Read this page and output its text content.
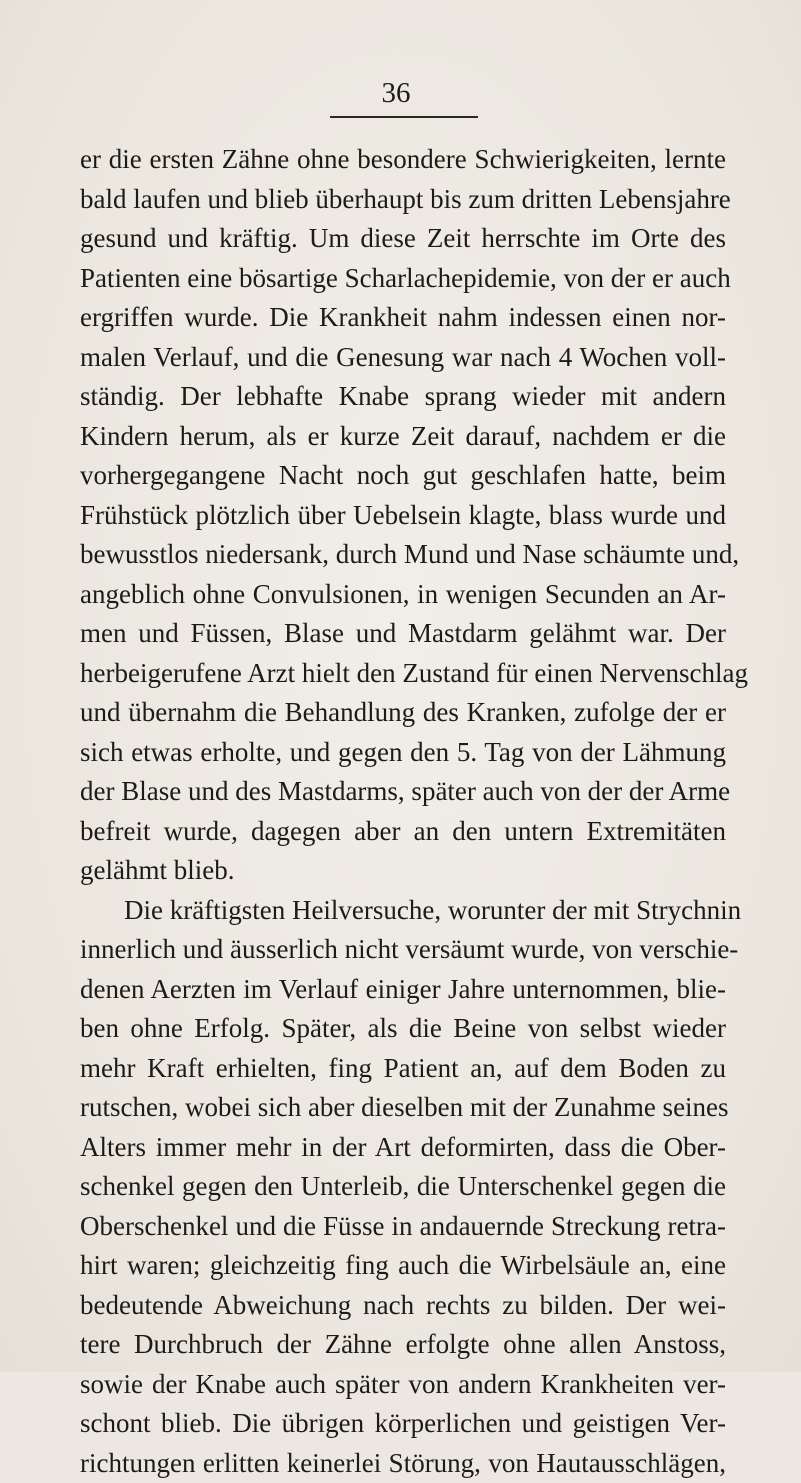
36
er die ersten Zähne ohne besondere Schwierigkeiten, lernte
bald laufen und blieb überhaupt bis zum dritten Lebensjahre
gesund und kräftig. Um diese Zeit herrschte im Orte des
Patienten eine bösartige Scharlachepidemie, von der er auch
ergriffen wurde. Die Krankheit nahm indessen einen nor-
malen Verlauf, und die Genesung war nach 4 Wochen voll-
ständig. Der lebhafte Knabe sprang wieder mit andern
Kindern herum, als er kurze Zeit darauf, nachdem er die
vorhergegangene Nacht noch gut geschlafen hatte, beim
Frühstück plötzlich über Uebelsein klagte, blass wurde und
bewusstlos niedersank, durch Mund und Nase schäumte und,
angeblich ohne Convulsionen, in wenigen Secunden an Ar-
men und Füssen, Blase und Mastdarm gelähmt war. Der
herbeigerufene Arzt hielt den Zustand für einen Nervenschlag
und übernahm die Behandlung des Kranken, zufolge der er
sich etwas erholte, und gegen den 5. Tag von der Lähmung
der Blase und des Mastdarms, später auch von der der Arme
befreit wurde, dagegen aber an den untern Extremitäten
gelähmt blieb.
Die kräftigsten Heilversuche, worunter der mit Strychnin
innerlich und äusserlich nicht versäumt wurde, von verschie-
denen Aerzten im Verlauf einiger Jahre unternommen, blie-
ben ohne Erfolg. Später, als die Beine von selbst wieder
mehr Kraft erhielten, fing Patient an, auf dem Boden zu
rutschen, wobei sich aber dieselben mit der Zunahme seines
Alters immer mehr in der Art deformirten, dass die Ober-
schenkel gegen den Unterleib, die Unterschenkel gegen die
Oberschenkel und die Füsse in andauernde Streckung retra-
hirt waren; gleichzeitig fing auch die Wirbelsäule an, eine
bedeutende Abweichung nach rechts zu bilden. Der wei-
tere Durchbruch der Zähne erfolgte ohne allen Anstoss,
sowie der Knabe auch später von andern Krankheiten ver-
schont blieb. Die übrigen körperlichen und geistigen Ver-
richtungen erlitten keinerlei Störung, von Hautausschlägen,
